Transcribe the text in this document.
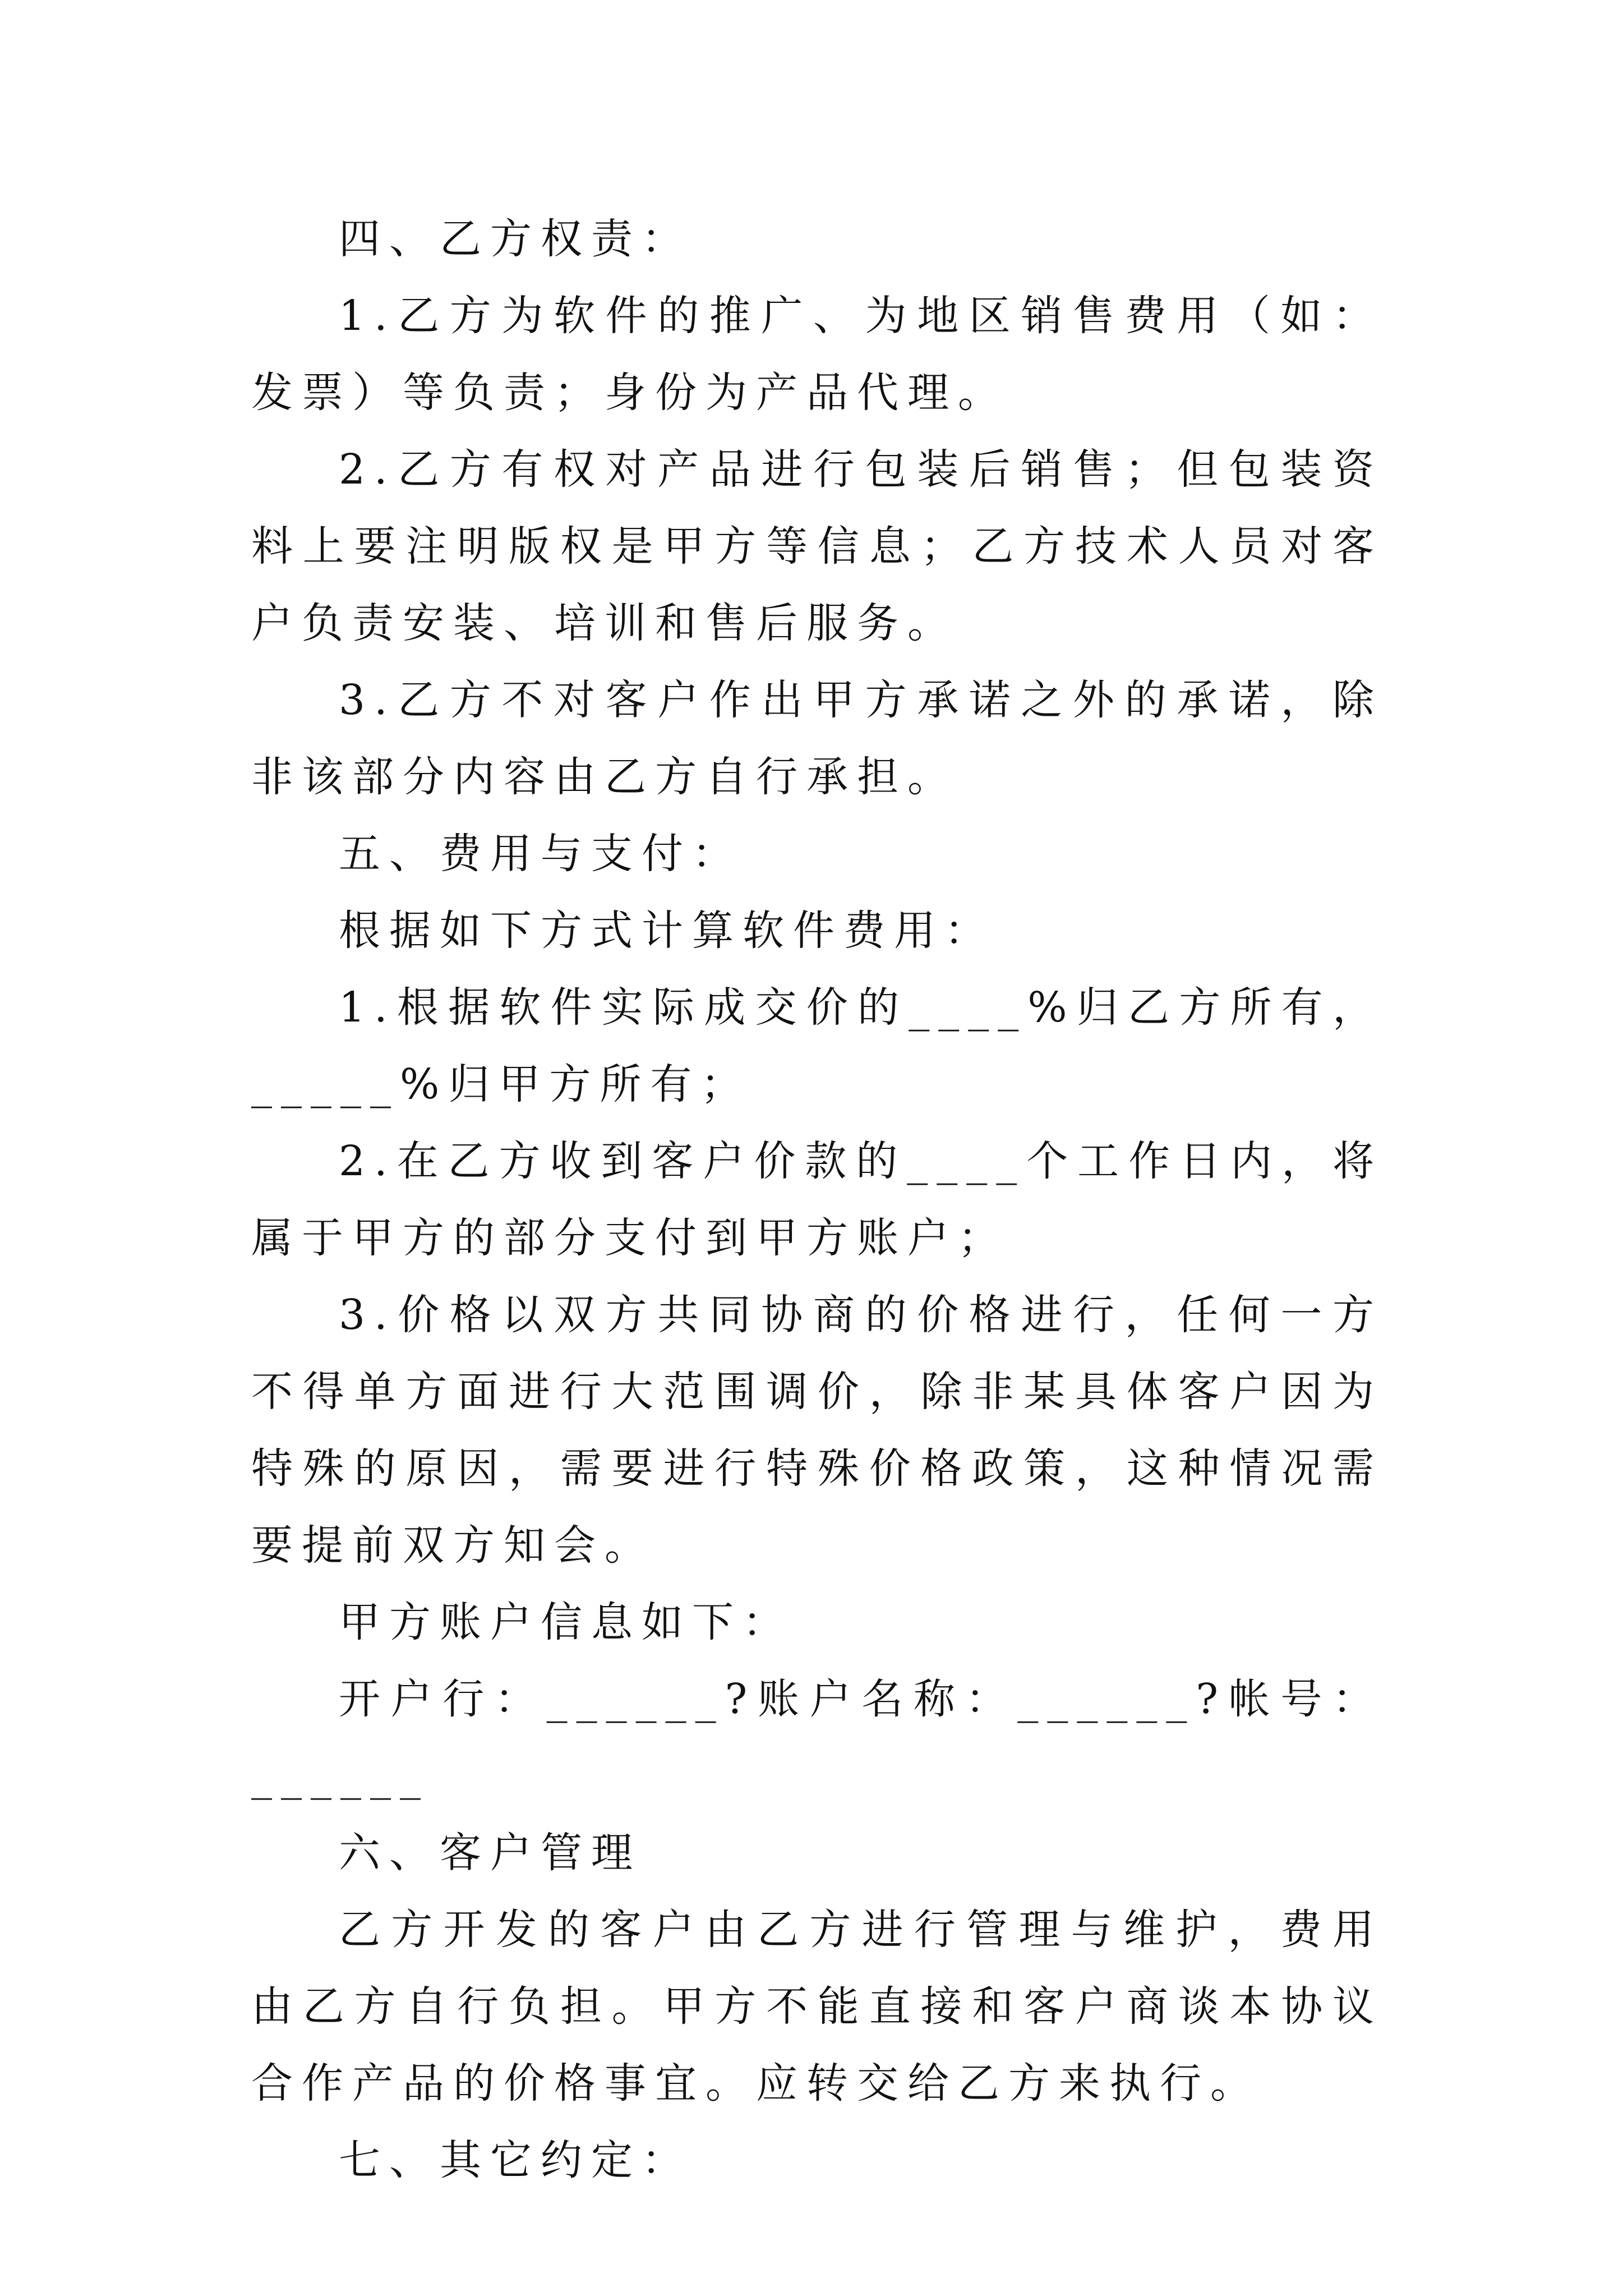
四、乙方权责：

1.乙方为软件的推广、为地区销售费用（如：发票）等负责；身份为产品代理。

2.乙方有权对产品进行包装后销售；但包装资料上要注明版权是甲方等信息；乙方技术人员对客户负责安装、培训和售后服务。

3.乙方不对客户作出甲方承诺之外的承诺，除非该部分内容由乙方自行承担。

五、费用与支付：

根据如下方式计算软件费用：

1.根据软件实际成交价的____%归乙方所有，_____%归甲方所有；

2.在乙方收到客户价款的____个工作日内，将属于甲方的部分支付到甲方账户；

3.价格以双方共同协商的价格进行，任何一方不得单方面进行大范围调价，除非某具体客户因为特殊的原因，需要进行特殊价格政策，这种情况需要提前双方知会。

甲方账户信息如下：

开户行：______?账户名称：______?帐号：______

六、客户管理

乙方开发的客户由乙方进行管理与维护，费用由乙方自行负担。甲方不能直接和客户商谈本协议合作产品的价格事宜。应转交给乙方来执行。

七、其它约定：
